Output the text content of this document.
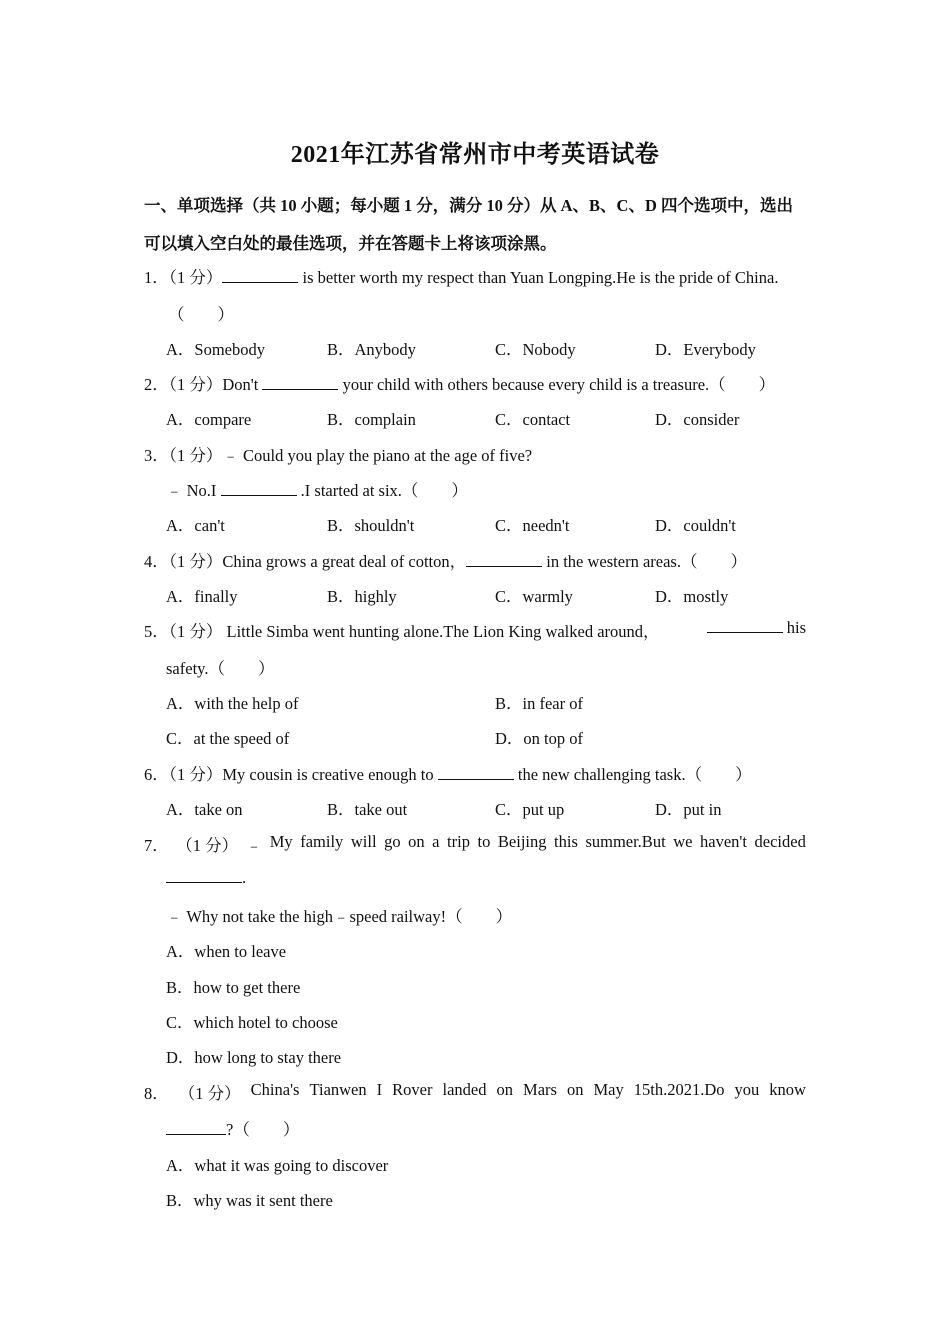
2021年江苏省常州市中考英语试卷
一、单项选择（共 10 小题；每小题 1 分，满分 10 分）从 A、B、C、D 四个选项中，选出
可以填入空白处的最佳选项，并在答题卡上将该项涂黑。
1．（1 分）	is better worth my respect than Yuan Longping.He is the pride of China.
（　　）
A．Somebody	B．Anybody	C．Nobody	D．Everybody
2．（1 分）Don't	your child with others because every child is a treasure.（　　）
A．compare	B．complain	C．contact	D．consider
3．（1 分）﹣ Could you play the piano at the age of five?
﹣ No.I	.I started at six.（　　）
A．can't	B．shouldn't	C．needn't	D．couldn't
4．（1 分）China grows a great deal of cotton，	in the western areas.（　　）
A．finally	B．highly	C．warmly	D．mostly
5．（1 分） Little Simba went hunting alone.The Lion King walked around，	his
safety.（　　）
A．with the help of	B．in fear of
C．at the speed of	D．on top of
6．（1 分）My cousin is creative enough to	the new challenging task.（　　）
A．take on	B．take out	C．put up	D．put in
7． （1 分） ﹣ My family will go on a trip to Beijing this summer.But we haven't decided
.
﹣ Why not take the high﹣speed railway!（　　）
A．when to leave
B．how to get there
C．which hotel to choose
D．how long to stay there
8． （1 分） China's Tianwen I Rover landed on Mars on May 15th.2021.Do you know
?（　　）
A．what it was going to discover
B．why was it sent there
